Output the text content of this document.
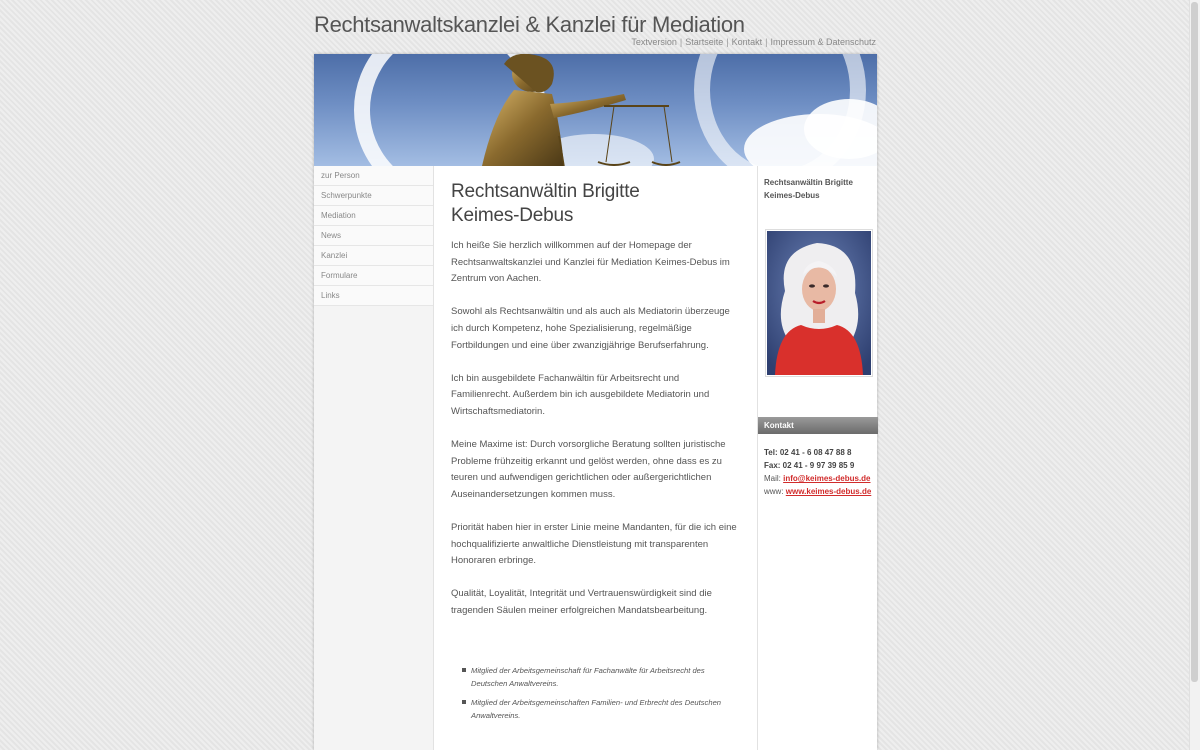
Rechtsanwaltskanzlei & Kanzlei für Mediation
Textversion | Startseite | Kontakt | Impressum & Datenschutz
zur Person
Schwerpunkte
Mediation
News
Kanzlei
Formulare
Links
Rechtsanwältin Brigitte
Keimes-Debus

Ich heiße Sie herzlich willkommen auf der Homepage der Rechtsanwaltskanzlei und Kanzlei für Mediation Keimes-Debus im Zentrum von Aachen.

Sowohl als Rechtsanwältin und als auch als Mediatorin überzeuge ich durch Kompetenz, hohe Spezialisierung, regelmäßige Fortbildungen und eine über zwanzigjährige Berufserfahrung.

Ich bin ausgebildete Fachanwältin für Arbeitsrecht und Familienrecht. Außerdem bin ich ausgebildete Mediatorin und Wirtschaftsmediatorin.

Meine Maxime ist: Durch vorsorgliche Beratung sollten juristische Probleme frühzeitig erkannt und gelöst werden, ohne dass es zu teuren und aufwendigen gerichtlichen oder außergerichtlichen Auseinandersetzungen kommen muss.

Priorität haben hier in erster Linie meine Mandanten, für die ich eine hochqualifizierte anwaltliche Dienstleistung mit transparenten Honoraren erbringe.

Qualität, Loyalität, Integrität und Vertrauenswürdigkeit sind die tragenden Säulen meiner erfolgreichen Mandatsbearbeitung.

Mitglied der Arbeitsgemeinschaft für Fachanwälte für Arbeitsrecht des Deutschen Anwaltvereins.
Mitglied der Arbeitsgemeinschaften Familien- und Erbrecht des Deutschen Anwaltvereins.
Rechtsanwältin Brigitte
Keimes-Debus
Kontakt
Tel: 02 41 - 6 08 47 88 8
Fax: 02 41 - 9 97 39 85 9
Mail: info@keimes-debus.de
www: www.keimes-debus.de
